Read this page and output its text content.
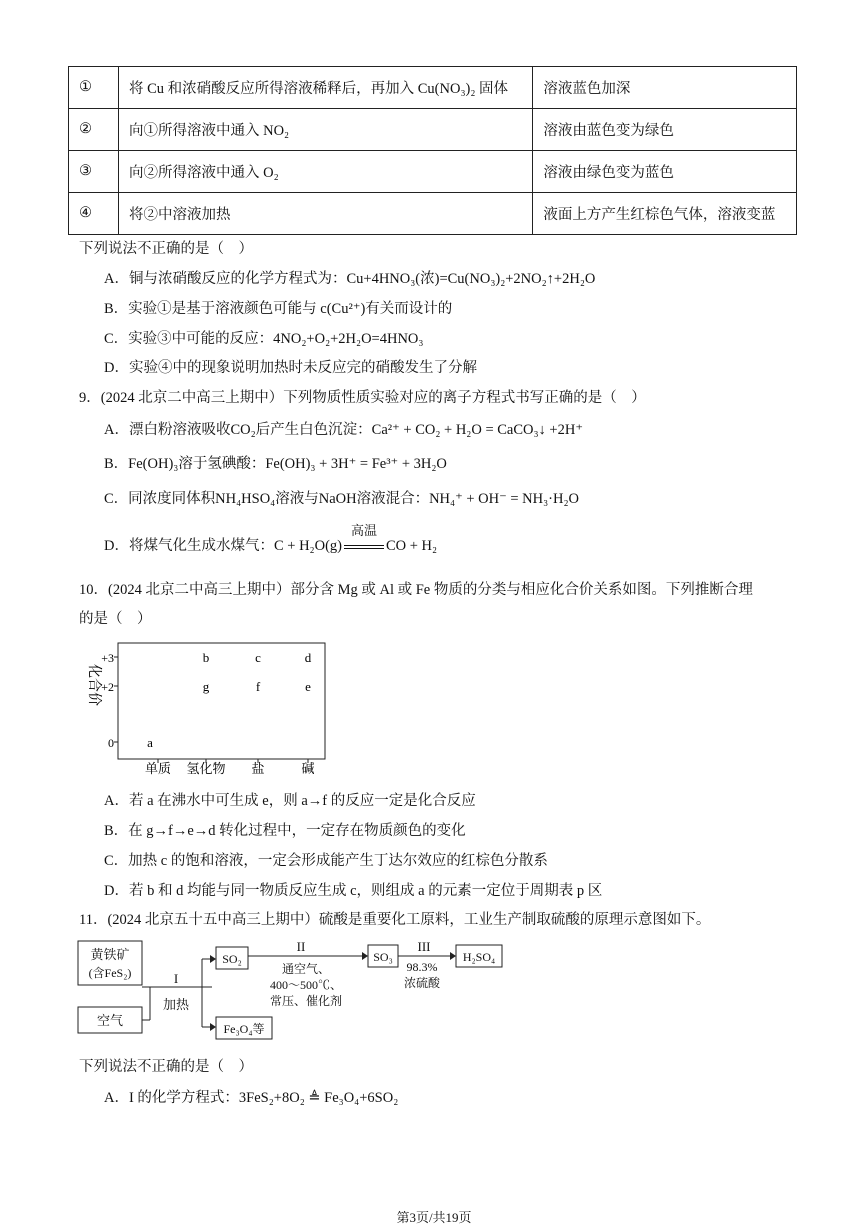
①	将 Cu 和浓硝酸反应所得溶液稀释后，再加入 Cu(NO₃)₂ 固体	溶液蓝色加深
②	向①所得溶液中通入 NO₂	溶液由蓝色变为绿色
③	向②所得溶液中通入 O₂	溶液由绿色变为蓝色
④	将②中溶液加热	液面上方产生红棕色气体，溶液变蓝
下列说法不正确的是（　）
A．铜与浓硝酸反应的化学方程式为：Cu+4HNO₃(浓)=Cu(NO₃)₂+2NO₂↑+2H₂O
B．实验①是基于溶液颜色可能与 c(Cu²⁺)有关而设计的
C．实验③中可能的反应：4NO₂+O₂+2H₂O=4HNO₃
D．实验④中的现象说明加热时未反应完的硝酸发生了分解
9．(2024 北京二中高三上期中）下列物质性质实验对应的离子方程式书写正确的是（　）
A．漂白粉溶液吸收CO₂后产生白色沉淀：Ca²⁺ + CO₂ + H₂O = CaCO₃↓ +2H⁺
B．Fe(OH)₃溶于氢碘酸：Fe(OH)₃ + 3H⁺ = Fe³⁺ + 3H₂O
C．同浓度同体积NH₄HSO₄溶液与NaOH溶液混合：NH₄⁺ + OH⁻ = NH₃·H₂O
D．将煤气化生成水煤气：C + H₂O(g)
高温
CO + H₂
10．(2024 北京二中高三上期中）部分含 Mg 或 Al 或 Fe 物质的分类与相应化合价关系如图。下列推断合理
的是（　）
化合价
单质 氢化物 盐	碱
+3
+2
0	a
b	c	d
g	f	e
A．若 a 在沸水中可生成 e，则 a→f 的反应一定是化合反应
B．在 g→f→e→d 转化过程中，一定存在物质颜色的变化
C．加热 c 的饱和溶液，一定会形成能产生丁达尔效应的红棕色分散系
D．若 b 和 d 均能与同一物质反应生成 c，则组成 a 的元素一定位于周期表 p 区
11．(2024 北京五十五中高三上期中）硫酸是重要化工原料，工业生产制取硫酸的原理示意图如下。
黄铁矿
(含FeS₂)
空气
I
加热
SO₂
II
通空气、
400～500℃、
常压、催化剂
SO₃
III
98.3%
浓硫酸
H₂SO₄
Fe₃O₄等
下列说法不正确的是（　）
A．I 的化学方程式：3FeS₂+8O₂ ≜ Fe₃O₄+6SO₂
第3页/共19页
